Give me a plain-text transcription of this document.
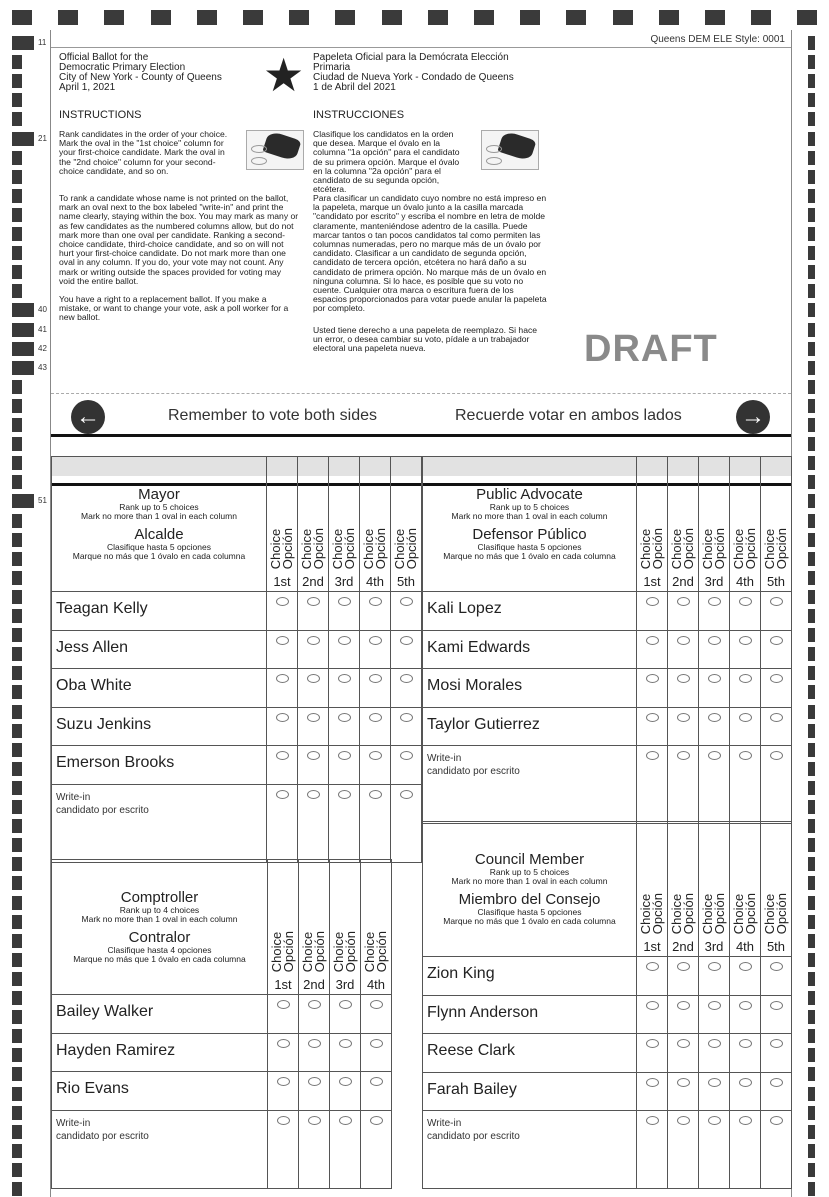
11
21
40
41
42
43
51
Queens DEM ELE Style: 0001
Official Ballot for the
Democratic Primary Election
City of New York - County of Queens
April 1, 2021	★ Papeleta Oficial para la Demócrata Elección
Primaria
Ciudad de Nueva York - Condado de Queens
1 de Abril del 2021
INSTRUCTIONS
Rank candidates in the order of your choice. Mark the oval in the "1st choice" column for your first-choice candidate. Mark the oval in the "2nd choice" column for your second-choice candidate, and so on.
To rank a candidate whose name is not printed on the ballot, mark an oval next to the box labeled "write-in" and print the name clearly, staying within the box. You may mark as many or as few candidates as the numbered columns allow, but do not mark more than one oval per candidate. Ranking a second-choice candidate, third-choice candidate, and so on will not hurt your first-choice candidate. Do not mark more than one oval in any column. If you do, your vote may not count. Any mark or writing outside the spaces provided for voting may void the entire ballot.
You have a right to a replacement ballot. If you make a mistake, or want to change your vote, ask a poll worker for a new ballot.
INSTRUCCIONES
Clasifique los candidatos en la orden que desea. Marque el óvalo en la columna "1a opción" para el candidato de su primera opción. Marque el óvalo en la columna "2a opción" para el candidato de su segunda opción, etcétera.
Para clasificar un candidato cuyo nombre no está impreso en la papeleta, marque un óvalo junto a la casilla marcada "candidato por escrito" y escriba el nombre en letra de molde claramente, manteniéndose adentro de la casilla. Puede marcar tantos o tan pocos candidatos tal como permiten las columnas numeradas, pero no marque más de un óvalo por candidato. Clasificar a un candidato de segunda opción, candidato de tercera opción, etcétera no hará daño a su candidato de primera opción. No marque más de un óvalo en ninguna columna. Si lo hace, es posible que su voto no cuente. Cualquier otra marca o escritura fuera de los espacios proporcionados para votar puede anular la papeleta por completo.
Usted tiene derecho a una papeleta de reemplazo. Si hace un error, o desea cambiar su voto, pídale a un trabajador electoral una papeleta nueva.	DRAFT
←	Remember to vote both sides	Recuerde votar en ambos lados →
Mayor
Rank up to 5 choices
Mark no more than 1 oval in each column
Alcalde
Clasifique hasta 5 opciones
Marque no más que 1 óvalo en cada columna	Choice
Opción
1st

Choice
Opción
2nd

Choice
Opción
3rd

Choice
Opción
4th

Choice
Opción
5th

Teagan Kelly					
Jess Allen					
Oba White					
Suzu Jenkins					
Emerson Brooks					

Write-in
candidato por escrito					

Public Advocate
Rank up to 5 choices
Mark no more than 1 oval in each column
Defensor Público
Clasifique hasta 5 opciones
Marque no más que 1 óvalo en cada columna	Choice
Opción
1st

Choice
Opción
2nd

Choice
Opción
3rd

Choice
Opción
4th

Choice
Opción
5th

Kali Lopez					
Kami Edwards					
Mosi Morales					
Taylor Gutierrez					

Write-in
candidato por escrito					

Comptroller
Rank up to 4 choices
Mark no more than 1 oval in each column
Contralor
Clasifique hasta 4 opciones
Marque no más que 1 óvalo en cada columna	Choice
Opción
1st

Choice
Opción
2nd

Choice
Opción
3rd

Choice
Opción
4th

Bailey Walker				
Hayden Ramirez				
Rio Evans				

Write-in
candidato por escrito				

Council Member
Rank up to 5 choices
Mark no more than 1 oval in each column
Miembro del Consejo
Clasifique hasta 5 opciones
Marque no más que 1 óvalo en cada columna	Choice
Opción
1st

Choice
Opción
2nd

Choice
Opción
3rd

Choice
Opción
4th

Choice
Opción
5th

Zion King					
Flynn Anderson					
Reese Clark					
Farah Bailey					

Write-in
candidato por escrito					
